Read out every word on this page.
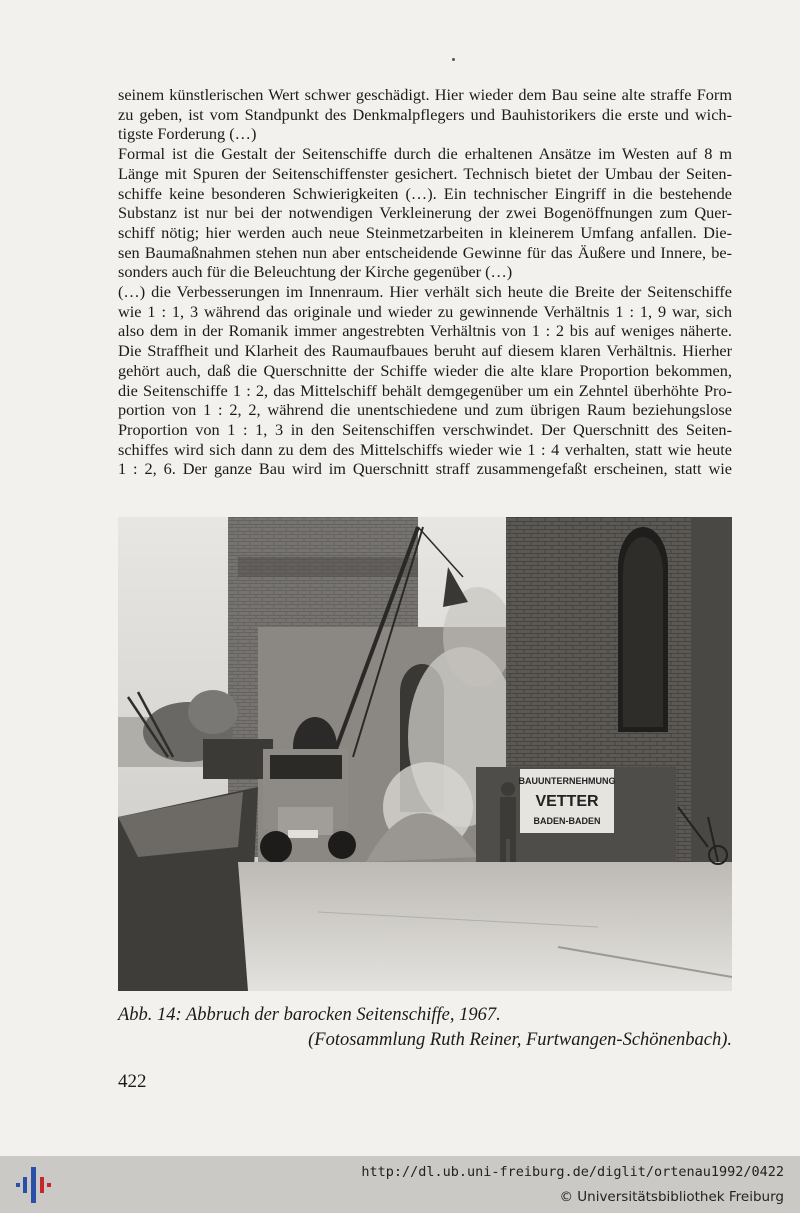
seinem künstlerischen Wert schwer geschädigt. Hier wieder dem Bau seine alte straffe Form
zu geben, ist vom Standpunkt des Denkmalpflegers und Bauhistorikers die erste und wich-
tigste Forderung (…)
Formal ist die Gestalt der Seitenschiffe durch die erhaltenen Ansätze im Westen auf 8 m
Länge mit Spuren der Seitenschiffenster gesichert. Technisch bietet der Umbau der Seiten-
schiffe keine besonderen Schwierigkeiten (…). Ein technischer Eingriff in die bestehende
Substanz ist nur bei der notwendigen Verkleinerung der zwei Bogenöffnungen zum Quer-
schiff nötig; hier werden auch neue Steinmetzarbeiten in kleinerem Umfang anfallen. Die-
sen Baumaßnahmen stehen nun aber entscheidende Gewinne für das Äußere und Innere, be-
sonders auch für die Beleuchtung der Kirche gegenüber (…)
(…) die Verbesserungen im Innenraum. Hier verhält sich heute die Breite der Seitenschiffe
wie 1 : 1, 3 während das originale und wieder zu gewinnende Verhältnis 1 : 1, 9 war, sich
also dem in der Romanik immer angestrebten Verhältnis von 1 : 2 bis auf weniges näherte.
Die Straffheit und Klarheit des Raumaufbaues beruht auf diesem klaren Verhältnis. Hierher
gehört auch, daß die Querschnitte der Schiffe wieder die alte klare Proportion bekommen,
die Seitenschiffe 1 : 2, das Mittelschiff behält demgegenüber um ein Zehntel überhöhte Pro-
portion von 1 : 2, 2, während die unentschiedene und zum übrigen Raum beziehungslose
Proportion von 1 : 1, 3 in den Seitenschiffen verschwindet. Der Querschnitt des Seiten-
schiffes wird sich dann zu dem des Mittelschiffs wieder wie 1 : 4 verhalten, statt wie heute
1 : 2, 6. Der ganze Bau wird im Querschnitt straff zusammengefaßt erscheinen, statt wie
BAUUNTERNEHMUNG
VETTER
BADEN-BADEN
Abb. 14: Abbruch der barocken Seitenschiffe, 1967.
(Fotosammlung Ruth Reiner, Furtwangen-Schönenbach).
422
http://dl.ub.uni-freiburg.de/diglit/ortenau1992/0422
© Universitätsbibliothek Freiburg
